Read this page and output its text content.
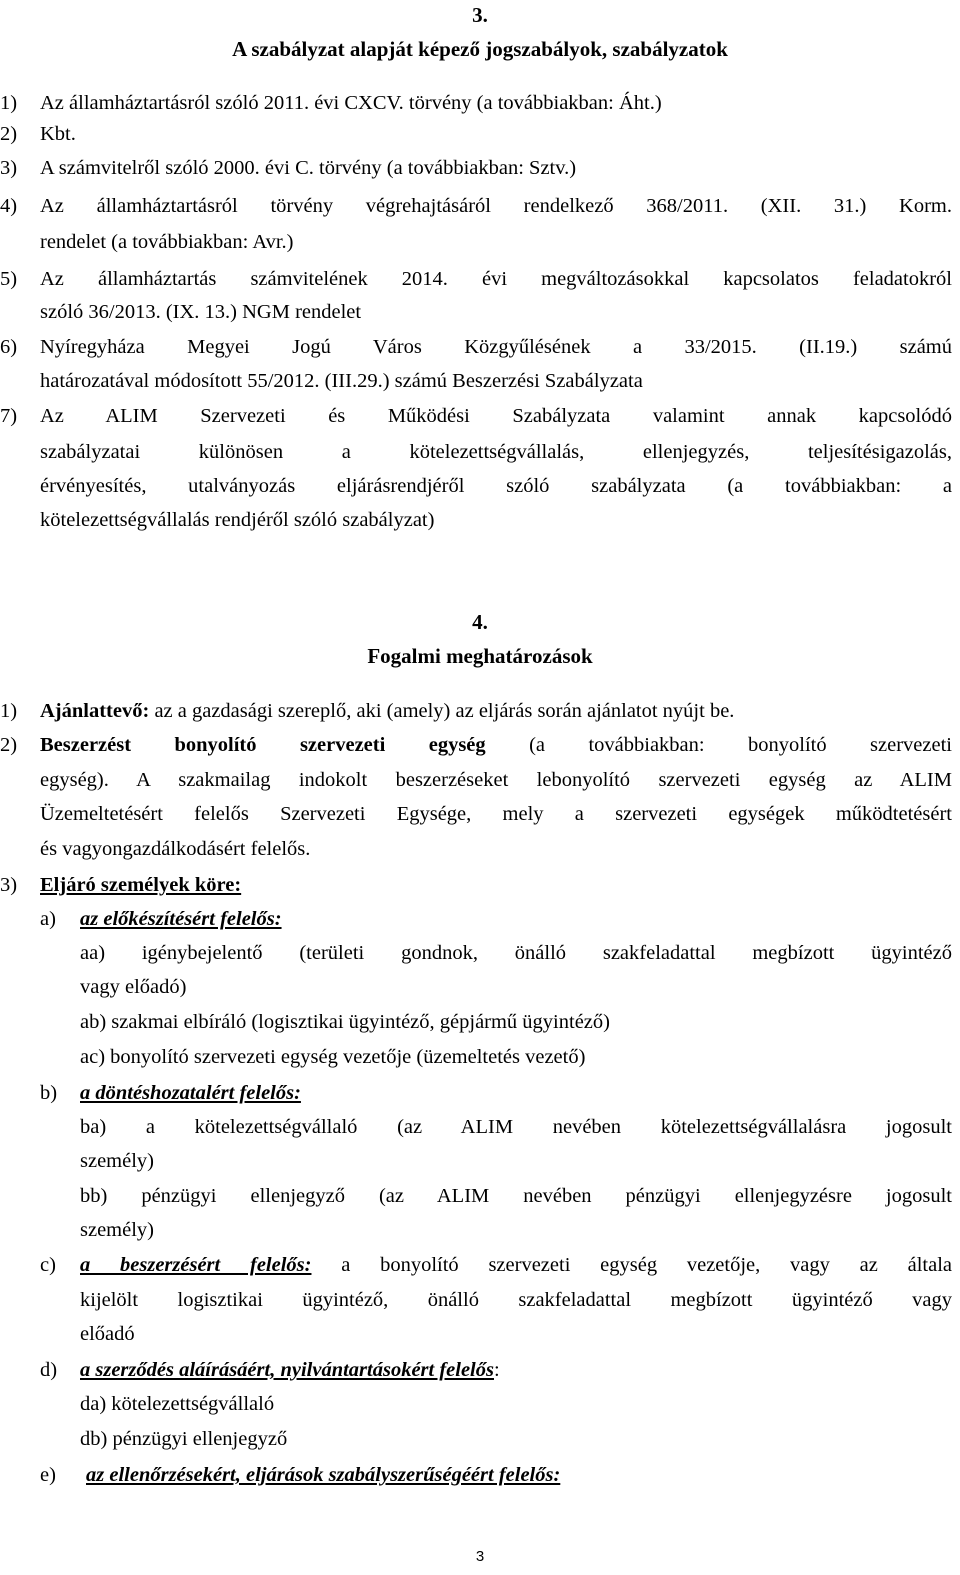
3.
A szabályzat alapját képező jogszabályok, szabályzatok
1) Az államháztartásról szóló 2011. évi CXCV. törvény (a továbbiakban: Áht.)
2) Kbt.
3) A számvitelről szóló 2000. évi C. törvény (a továbbiakban: Sztv.)
4) Az államháztartásról törvény végrehajtásáról rendelkező 368/2011. (XII. 31.) Korm.
rendelet (a továbbiakban: Avr.)
5) Az államháztartás számvitelének 2014. évi megváltozásokkal kapcsolatos feladatokról
szóló 36/2013. (IX. 13.) NGM rendelet
6) Nyíregyháza Megyei Jogú Város Közgyűlésének a 33/2015. (II.19.) számú
határozatával módosított 55/2012. (III.29.) számú Beszerzési Szabályzata
7) Az ALIM Szervezeti és Működési Szabályzata valamint annak kapcsolódó
szabályzatai különösen a kötelezettségvállalás, ellenjegyzés, teljesítésigazolás,
érvényesítés, utalványozás eljárásrendjéről szóló szabályzata (a továbbiakban: a
kötelezettségvállalás rendjéről szóló szabályzat)
4.
Fogalmi meghatározások
1) Ajánlattevő: az a gazdasági szereplő, aki (amely) az eljárás során ajánlatot nyújt be.
2) Beszerzést bonyolító szervezeti egység (a továbbiakban: bonyolító szervezeti
egység). A szakmailag indokolt beszerzéseket lebonyolító szervezeti egység az ALIM
Üzemeltetésért felelős Szervezeti Egysége, mely a szervezeti egységek működtetésért
és vagyongazdálkodásért felelős.
3) Eljáró személyek köre:
a) az előkészítésért felelős:
aa) igénybejelentő (területi gondnok, önálló szakfeladattal megbízott ügyintéző
vagy előadó)
ab) szakmai elbíráló (logisztikai ügyintéző, gépjármű ügyintéző)
ac) bonyolító szervezeti egység vezetője (üzemeltetés vezető)
b) a döntéshozatalért felelős:
ba) a kötelezettségvállaló (az ALIM nevében kötelezettségvállalásra jogosult
személy)
bb) pénzügyi ellenjegyző (az ALIM nevében pénzügyi ellenjegyzésre jogosult
személy)
c) a beszerzésért felelős: a bonyolító szervezeti egység vezetője, vagy az általa
kijelölt logisztikai ügyintéző, önálló szakfeladattal megbízott ügyintéző vagy
előadó
d) a szerződés aláírásáért, nyilvántartásokért felelős:
da) kötelezettségvállaló
db) pénzügyi ellenjegyző
e) az ellenőrzésekért, eljárások szabályszerűségéért felelős:
3
